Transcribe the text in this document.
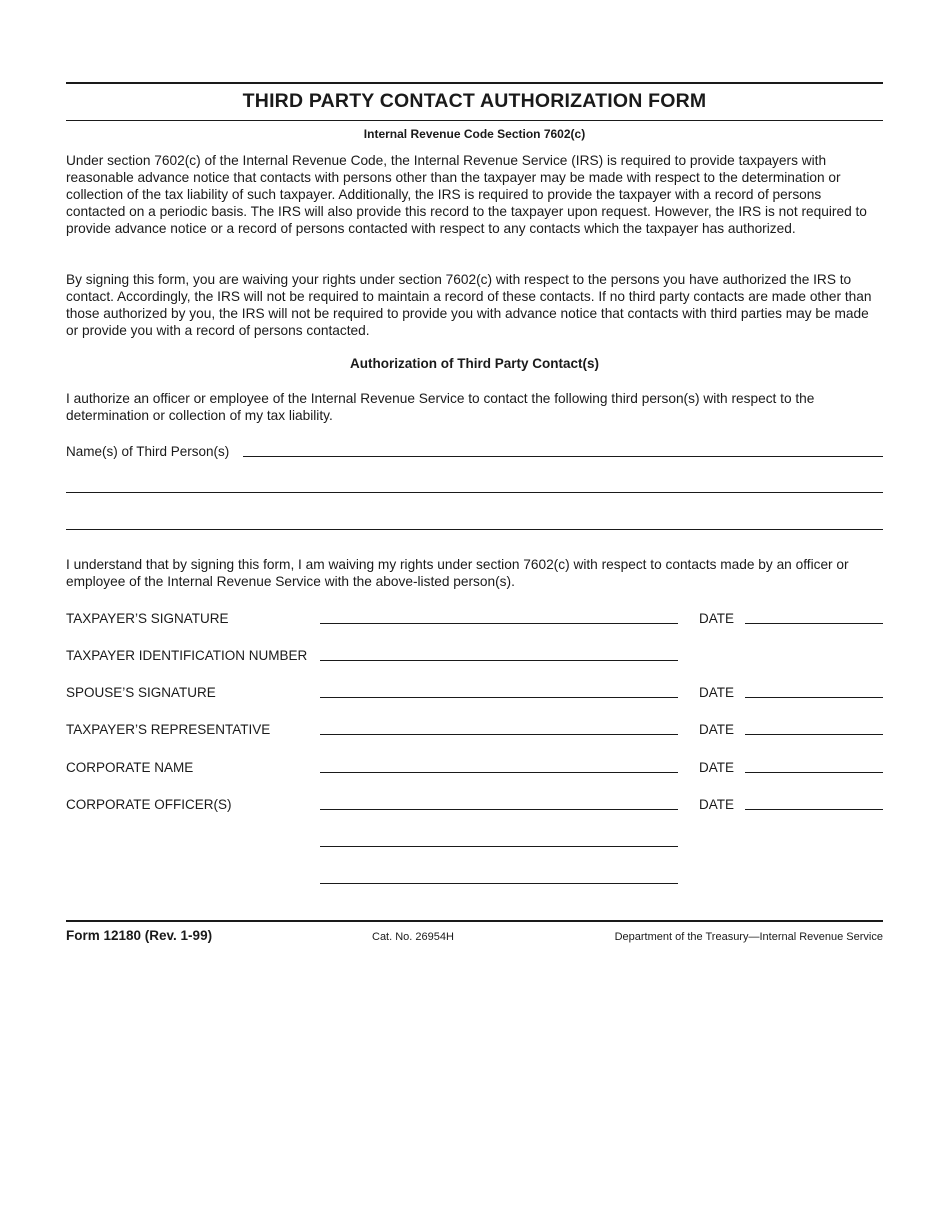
THIRD PARTY CONTACT AUTHORIZATION FORM
Internal Revenue Code Section 7602(c)

Under section 7602(c) of the Internal Revenue Code, the Internal Revenue Service (IRS) is required to provide taxpayers with reasonable advance notice that contacts with persons other than the taxpayer may be made with respect to the determination or collection of the tax liability of such taxpayer. Additionally, the IRS is required to provide the taxpayer with a record of persons contacted on a periodic basis. The IRS will also provide this record to the taxpayer upon request. However, the IRS is not required to provide advance notice or a record of persons contacted with respect to any contacts which the taxpayer has authorized.

By signing this form, you are waiving your rights under section 7602(c) with respect to the persons you have authorized the IRS to contact. Accordingly, the IRS will not be required to maintain a record of these contacts. If no third party contacts are made other than those authorized by you, the IRS will not be required to provide you with advance notice that contacts with third parties may be made or provide you with a record of persons contacted.

Authorization of Third Party Contact(s)

I authorize an officer or employee of the Internal Revenue Service to contact the following third person(s) with respect to the determination or collection of my tax liability.

Name(s) of Third Person(s)

I understand that by signing this form, I am waiving my rights under section 7602(c) with respect to contacts made by an officer or employee of the Internal Revenue Service with the above-listed person(s).

TAXPAYER’S SIGNATURE	DATE
TAXPAYER IDENTIFICATION NUMBER
SPOUSE’S SIGNATURE	DATE
TAXPAYER’S REPRESENTATIVE	DATE
CORPORATE NAME	DATE
CORPORATE OFFICER(S)	DATE
Form 12180 (Rev. 1-99)	Cat. No. 26954H	Department of the Treasury—Internal Revenue Service
